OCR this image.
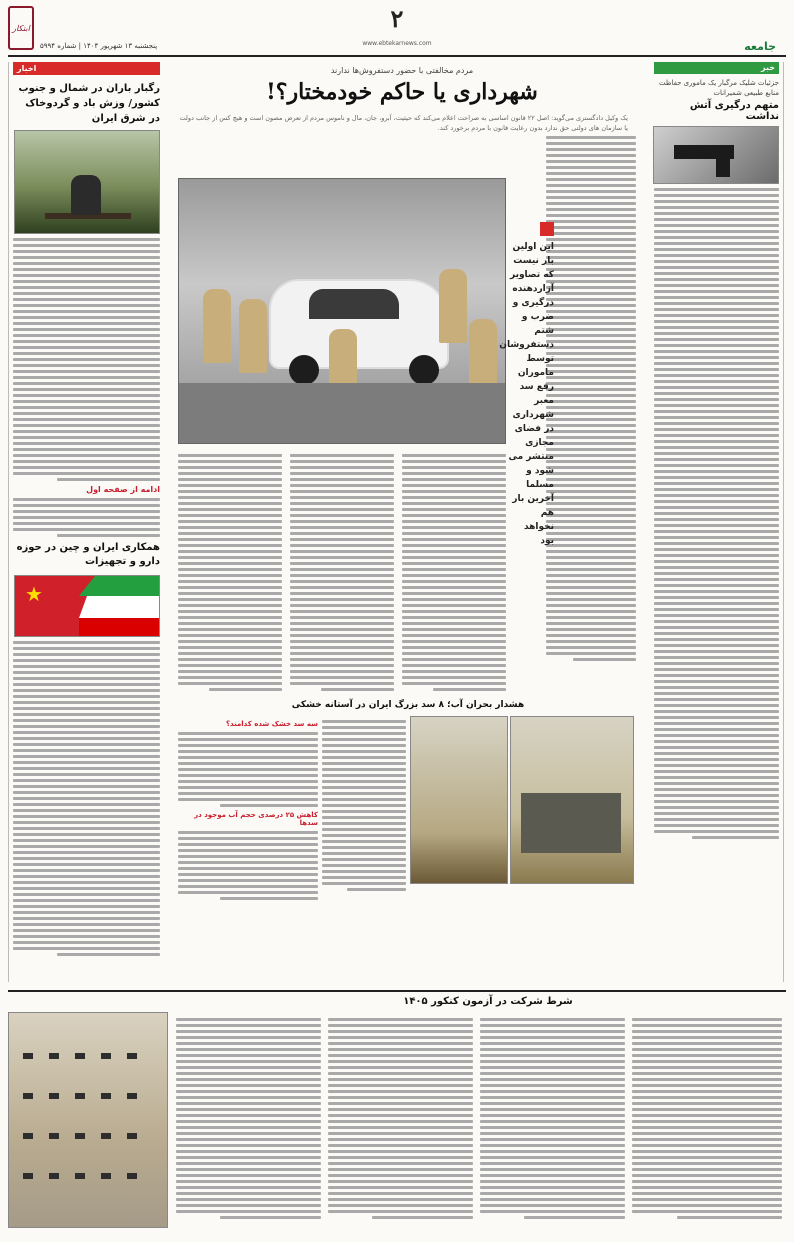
ابتکار
پنجشنبه ۱۳ شهریور ۱۴۰۴ | شماره ۵۹۹۴
۲
www.ebtekarnews.com	جامعه
اخبار
رگبار باران در شمال و جنوب کشور/ وزش باد و گردوخاک در شرق ایران
ادامه از صفحه اول
همکاری ایران و چین در حوزه دارو و تجهیزات
★
خبر
جزئیات شلیک مرگبار یک ماموری حفاظت منابع طبیعی شمیرانات
متهم درگیری آتش نداشت
مردم مخالفتی با حضور دستفروش‌ها ندارند
شهرداری یا حاکم خودمختار؟!
یک وکیل دادگستری می‌گوید: اصل ۲۲ قانون اساسی به صراحت اعلام می‌کند که حیثیت، آبرو، جان، مال و ناموس مردم از تعرض مصون است و هیچ کس از جانب دولت یا سازمان های دولتی حق ندارد بدون رعایت قانون با مردم برخورد کند.
این اولین بار نیست که تصاویر آزاردهنده درگیری و ضرب و شتم دستفروشان توسط ماموران رفع سد معبر شهرداری در فضای مجازی منتشر می شود و مسلما آخرین بار هم نخواهد بود
هشدار بحران آب؛ ۸ سد بزرگ ایران در آستانه خشکی
سه سد خشک شده کدامند؟
کاهش ۲۵ درصدی حجم آب موجود در سدها
شرط شرکت در آزمون کنکور ۱۴۰۵
